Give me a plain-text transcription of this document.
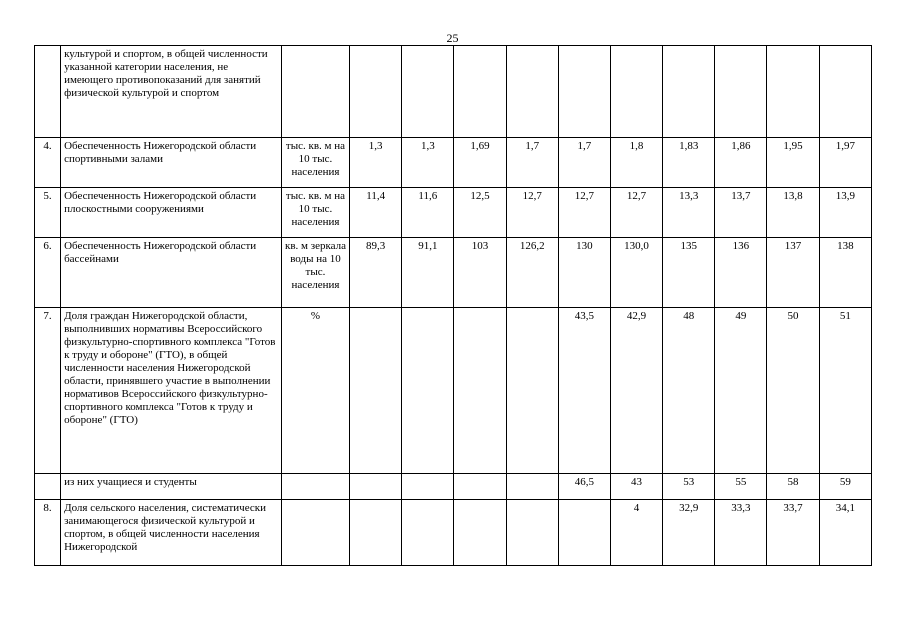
25
	культурой и спортом, в общей численности указанной категории населения, не имеющего противопоказаний для занятий физической культурой и спортом											
4.	Обеспеченность Нижегородской области спортивными залами	тыс. кв. м на 10 тыс. населения	1,3	1,3	1,69	1,7	1,7	1,8	1,83	1,86	1,95	1,97
5.	Обеспеченность Нижегородской области плоскостными сооружениями	тыс. кв. м на 10 тыс. населения	11,4	11,6	12,5	12,7	12,7	12,7	13,3	13,7	13,8	13,9
6.	Обеспеченность Нижегородской области бассейнами	кв. м зеркала воды на 10 тыс. населения	89,3	91,1	103	126,2	130	130,0	135	136	137	138
7.	Доля граждан Нижегородской области, выполнивших нормативы Всероссийского физкультурно-спортивного комплекса "Готов к труду и обороне" (ГТО), в общей численности населения Нижегородской области, принявшего участие в выполнении нормативов Всероссийского физкультурно-спортивного комплекса "Готов к труду и обороне" (ГТО)	%					43,5	42,9	48	49	50	51
	из них учащиеся и студенты						46,5	43	53	55	58	59
8.	Доля сельского населения, систематически занимающегося физической культурой и спортом, в общей численности населения Нижегородской							4	32,9	33,3	33,7	34,1
